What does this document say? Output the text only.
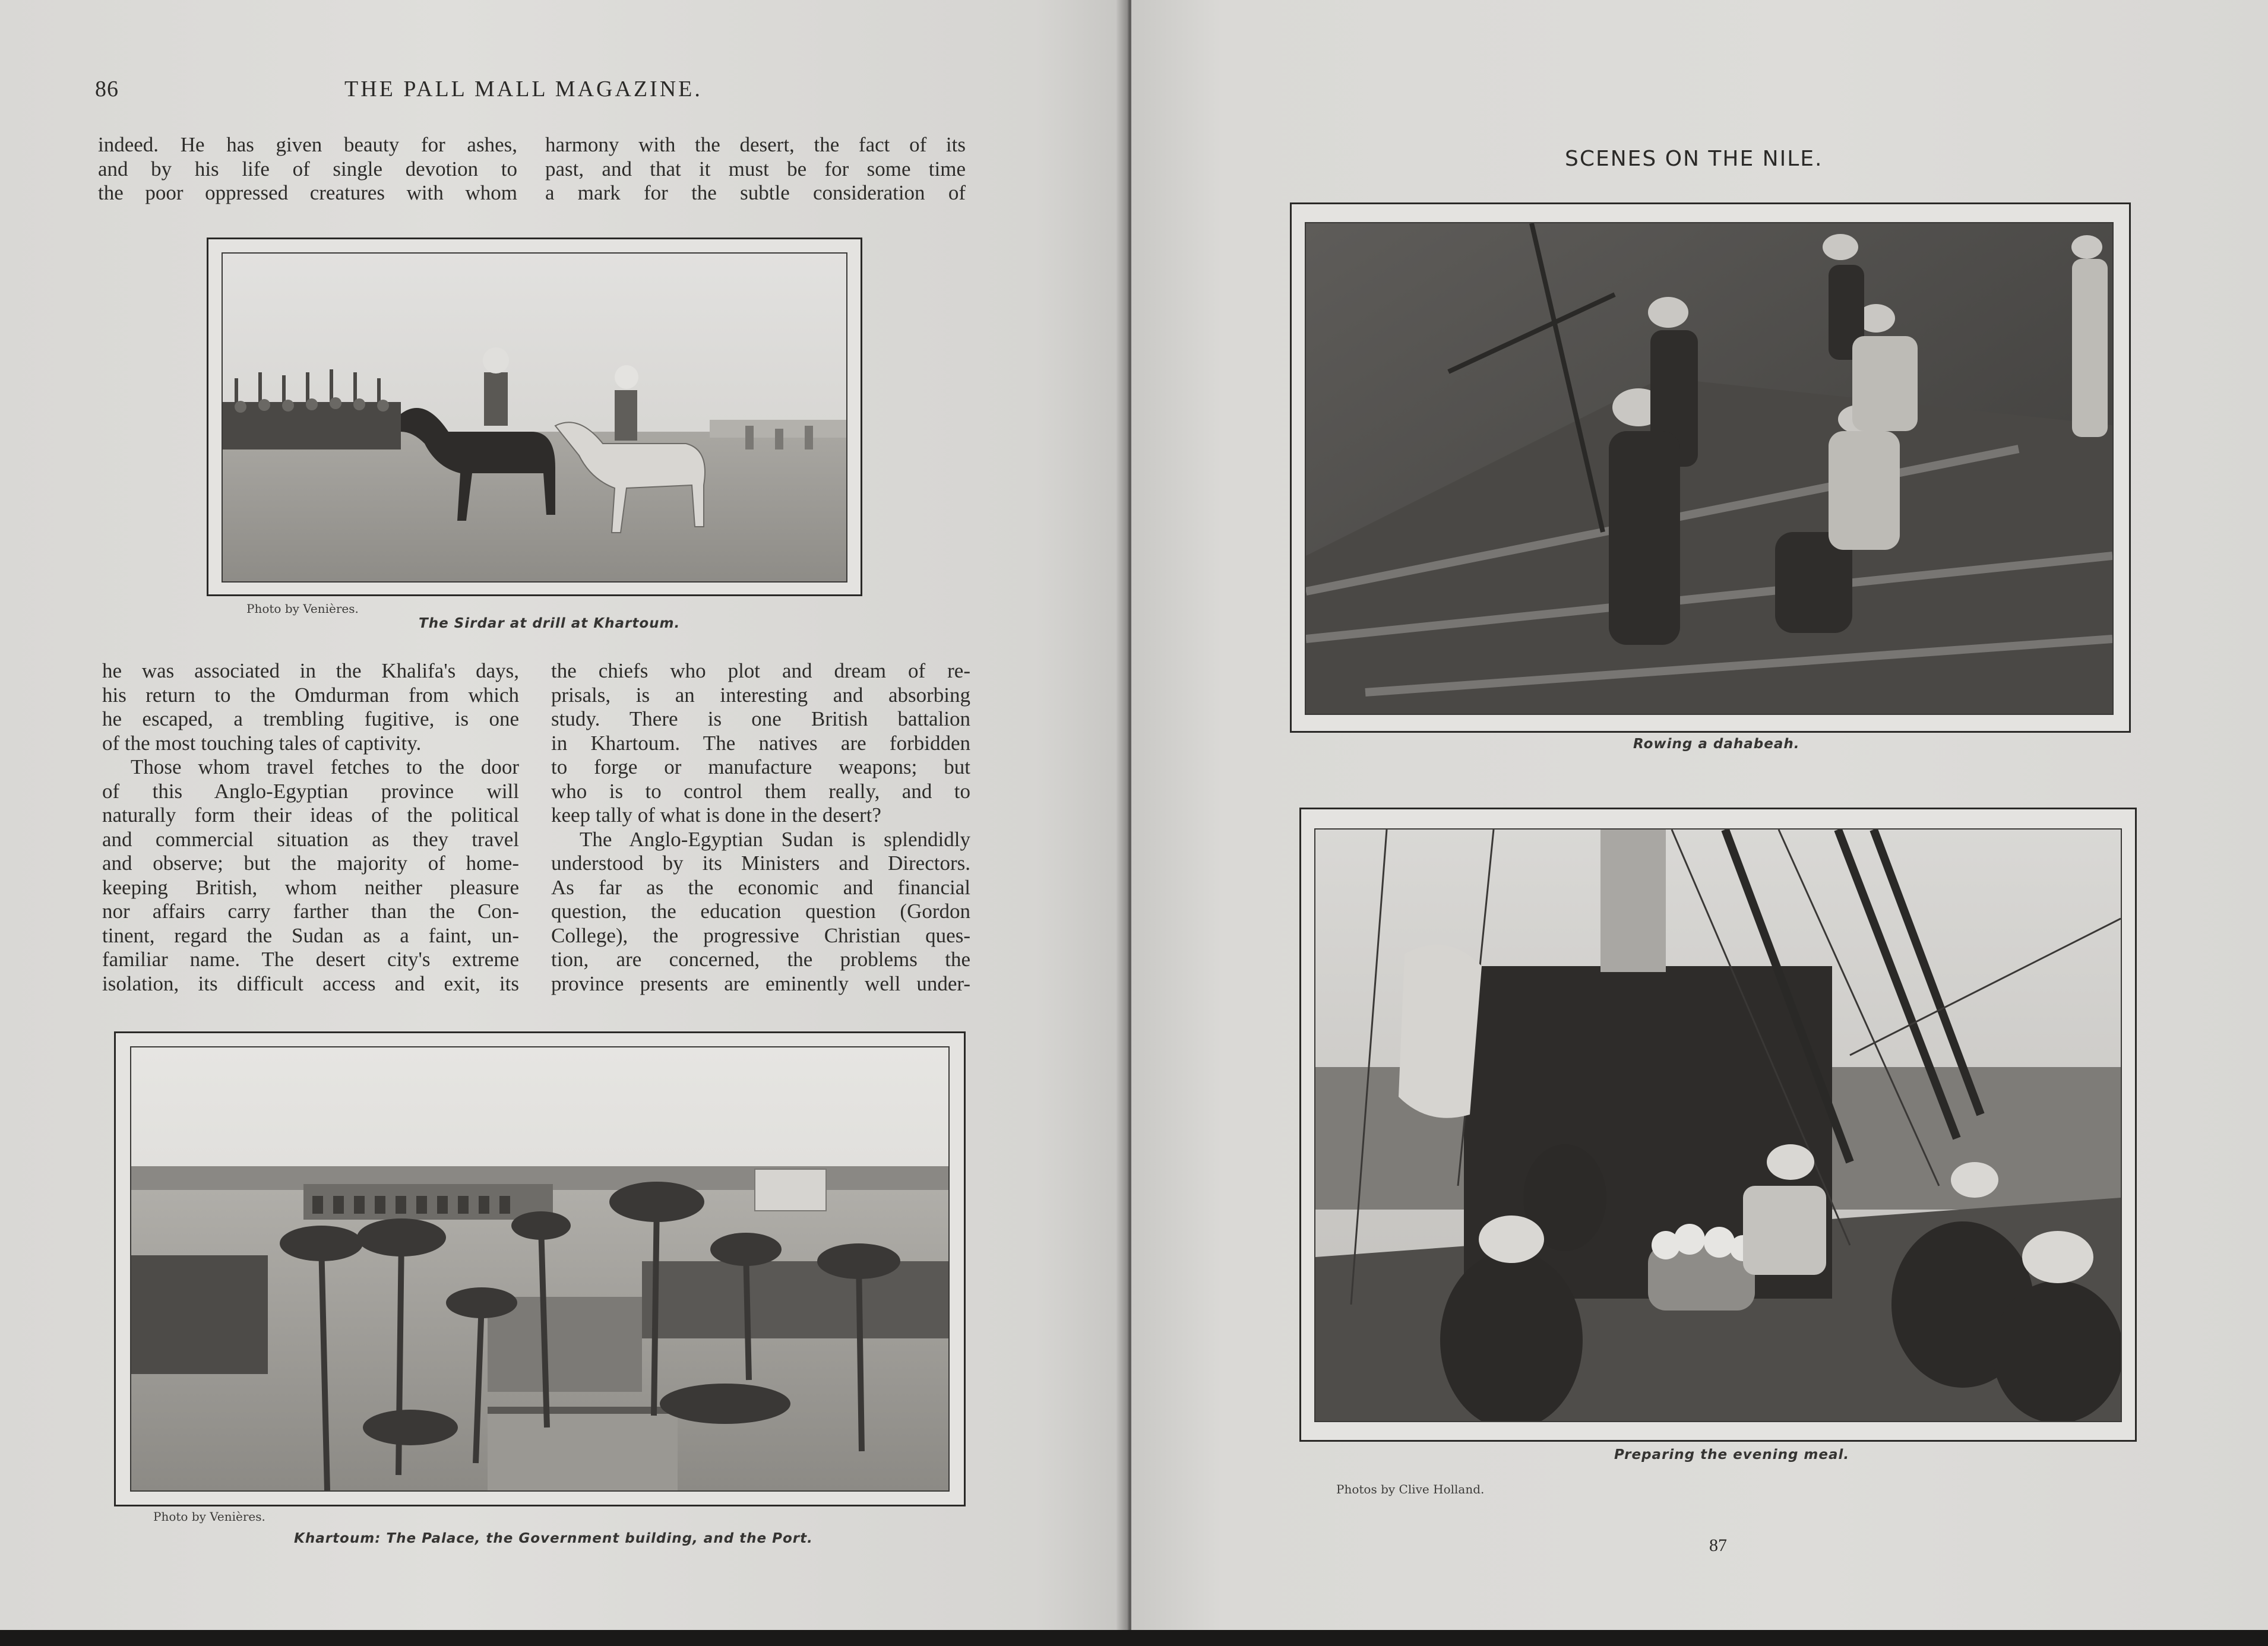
86	THE PALL MALL MAGAZINE.
indeed. He has given beauty for ashes,
and by his life of single devotion to
the poor oppressed creatures with whom
harmony with the desert, the fact of its
past, and that it must be for some time
a mark for the subtle consideration of
Photo by Venières.
The Sirdar at drill at Khartoum.
he was associated in the Khalifa's days,
his return to the Omdurman from which
he escaped, a trembling fugitive, is one
of the most touching tales of captivity.
Those whom travel fetches to the door
of this Anglo-Egyptian province will
naturally form their ideas of the political
and commercial situation as they travel
and observe; but the majority of home-
keeping British, whom neither pleasure
nor affairs carry farther than the Con-
tinent, regard the Sudan as a faint, un-
familiar name. The desert city's extreme
isolation, its difficult access and exit, its
the chiefs who plot and dream of re-
prisals, is an interesting and absorbing
study. There is one British battalion
in Khartoum. The natives are forbidden
to forge or manufacture weapons; but
who is to control them really, and to
keep tally of what is done in the desert?
The Anglo-Egyptian Sudan is splendidly
understood by its Ministers and Directors.
As far as the economic and financial
question, the education question (Gordon
College), the progressive Christian ques-
tion, are concerned, the problems the
province presents are eminently well under-
Photo by Venières.
Khartoum: The Palace, the Government building, and the Port.
SCENES ON THE NILE.
Rowing a dahabeah.
Preparing the evening meal.
Photos by Clive Holland.
87
